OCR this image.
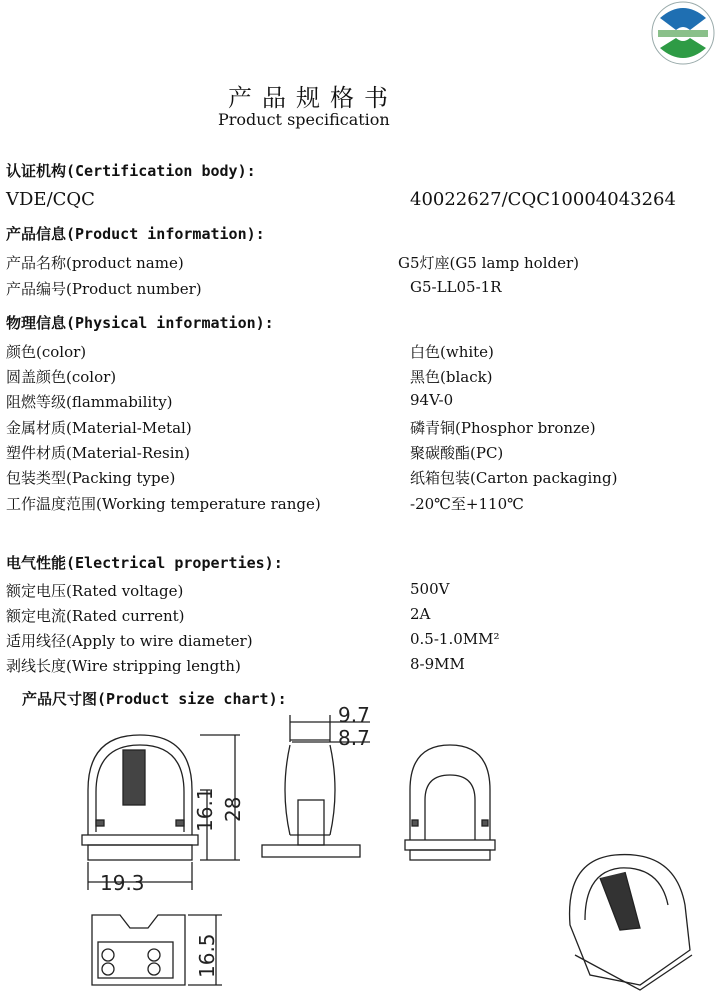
产品规格书
Product specification
认证机构(Certification body):
VDE/CQC	40022627/CQC10004043264
产品信息(Product information):
产品名称(product name)	G5灯座(G5 lamp holder)
产品编号(Product number)	G5-LL05-1R
物理信息(Physical information):
颜色(color)	白色(white)
圆盖颜色(color)	黑色(black)
阻燃等级(flammability)	94V-0
金属材质(Material-Metal)	磷青铜(Phosphor bronze)
塑件材质(Material-Resin)	聚碳酸酯(PC)
包装类型(Packing type)	纸箱包装(Carton packaging)
工作温度范围(Working temperature range)	-20℃至+110℃
电气性能(Electrical properties):
额定电压(Rated voltage)	500V
额定电流(Rated current)	2A
适用线径(Apply to wire diameter)	0.5-1.0MM²
剥线长度(Wire stripping length)	8-9MM
产品尺寸图(Product size chart):
16.1 28
19.3
9.7
8.7
16.5
